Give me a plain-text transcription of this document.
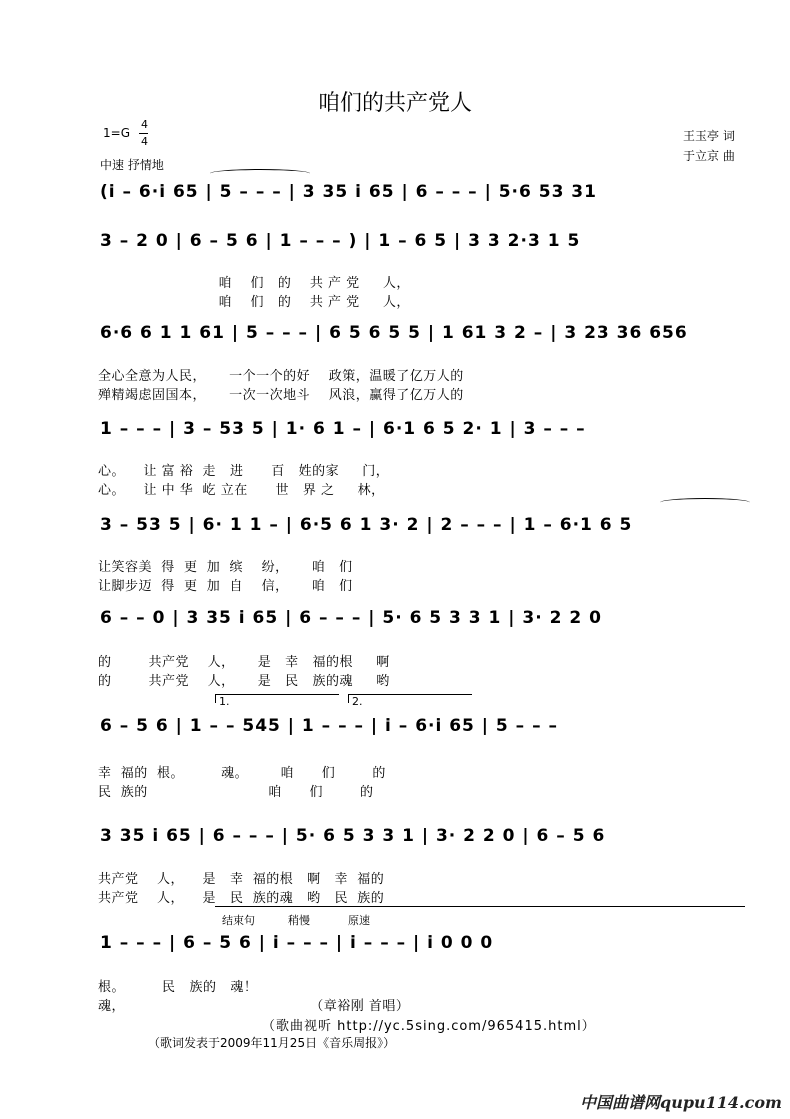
咱们的共产党人
1=G
4
4
中速 抒情地
王玉亭 词
于立京 曲
(i̇ – 6·i̇ 65 | 5 – – – | 3 35 i̇ 65 | 6 – – – | 5·6 53 31
3 – 2 0 | 6 – 5 6 | 1 – – – ) | 1 – 6 5 | 3 3 2·3 1 5
咱    们   的    共 产 党     人，
咱    们   的    共 产 党     人，
6·6 6 1 1 61 | 5 – – – | 6 5 6 5 5 | 1 61 3 2 – | 3 23 36 656
全心全意为人民，     一个一个的好    政策，温暖了亿万人的
殚精竭虑固国本，     一次一次地斗    风浪，赢得了亿万人的
1 – – – | 3 – 53 5 | 1· 6 1 – | 6·1 6 5 2· 1 | 3 – – –
心。    让 富 裕  走   进      百   姓的家     门，
心。    让 中 华  屹 立在      世   界 之     林，
3 – 53 5 | 6· 1 1 – | 6·5 6 1 3· 2 | 2 – – – | 1 – 6·1 6 5
让笑容美  得  更  加  缤    纷，     咱   们
让脚步迈  得  更  加  自    信，     咱   们
6 – – 0 | 3 35 i̇ 65 | 6 – – – | 5· 6 5 3 3 1 | 3· 2 2 0
的        共产党    人，     是   幸   福的根     啊
的        共产党    人，     是   民   族的魂     哟
1.	2.
6 – 5 6 | 1 – – 545 | 1 – – – | i̇ – 6·i̇ 65 | 5 – – –
幸  福的  根。        魂。       咱      们        的
民  族的                          咱      们        的
3 35 i̇ 65 | 6 – – – | 5· 6 5 3 3 1 | 3· 2 2 0 | 6 – 5 6
共产党    人，    是   幸  福的根   啊   幸  福的
共产党    人，    是   民  族的魂   哟   民  族的
结束句	稍慢	原速
1 – – – | 6 – 5 6 | i̇ – – – | i̇ – – – | i̇ 0 0 0
根。        民   族的   魂！
魂，                                        （章裕刚 首唱）
（歌曲视听 http://yc.5sing.com/965415.html）
（歌词发表于2009年11月25日《音乐周报》）
中国曲谱网qupu114.com
